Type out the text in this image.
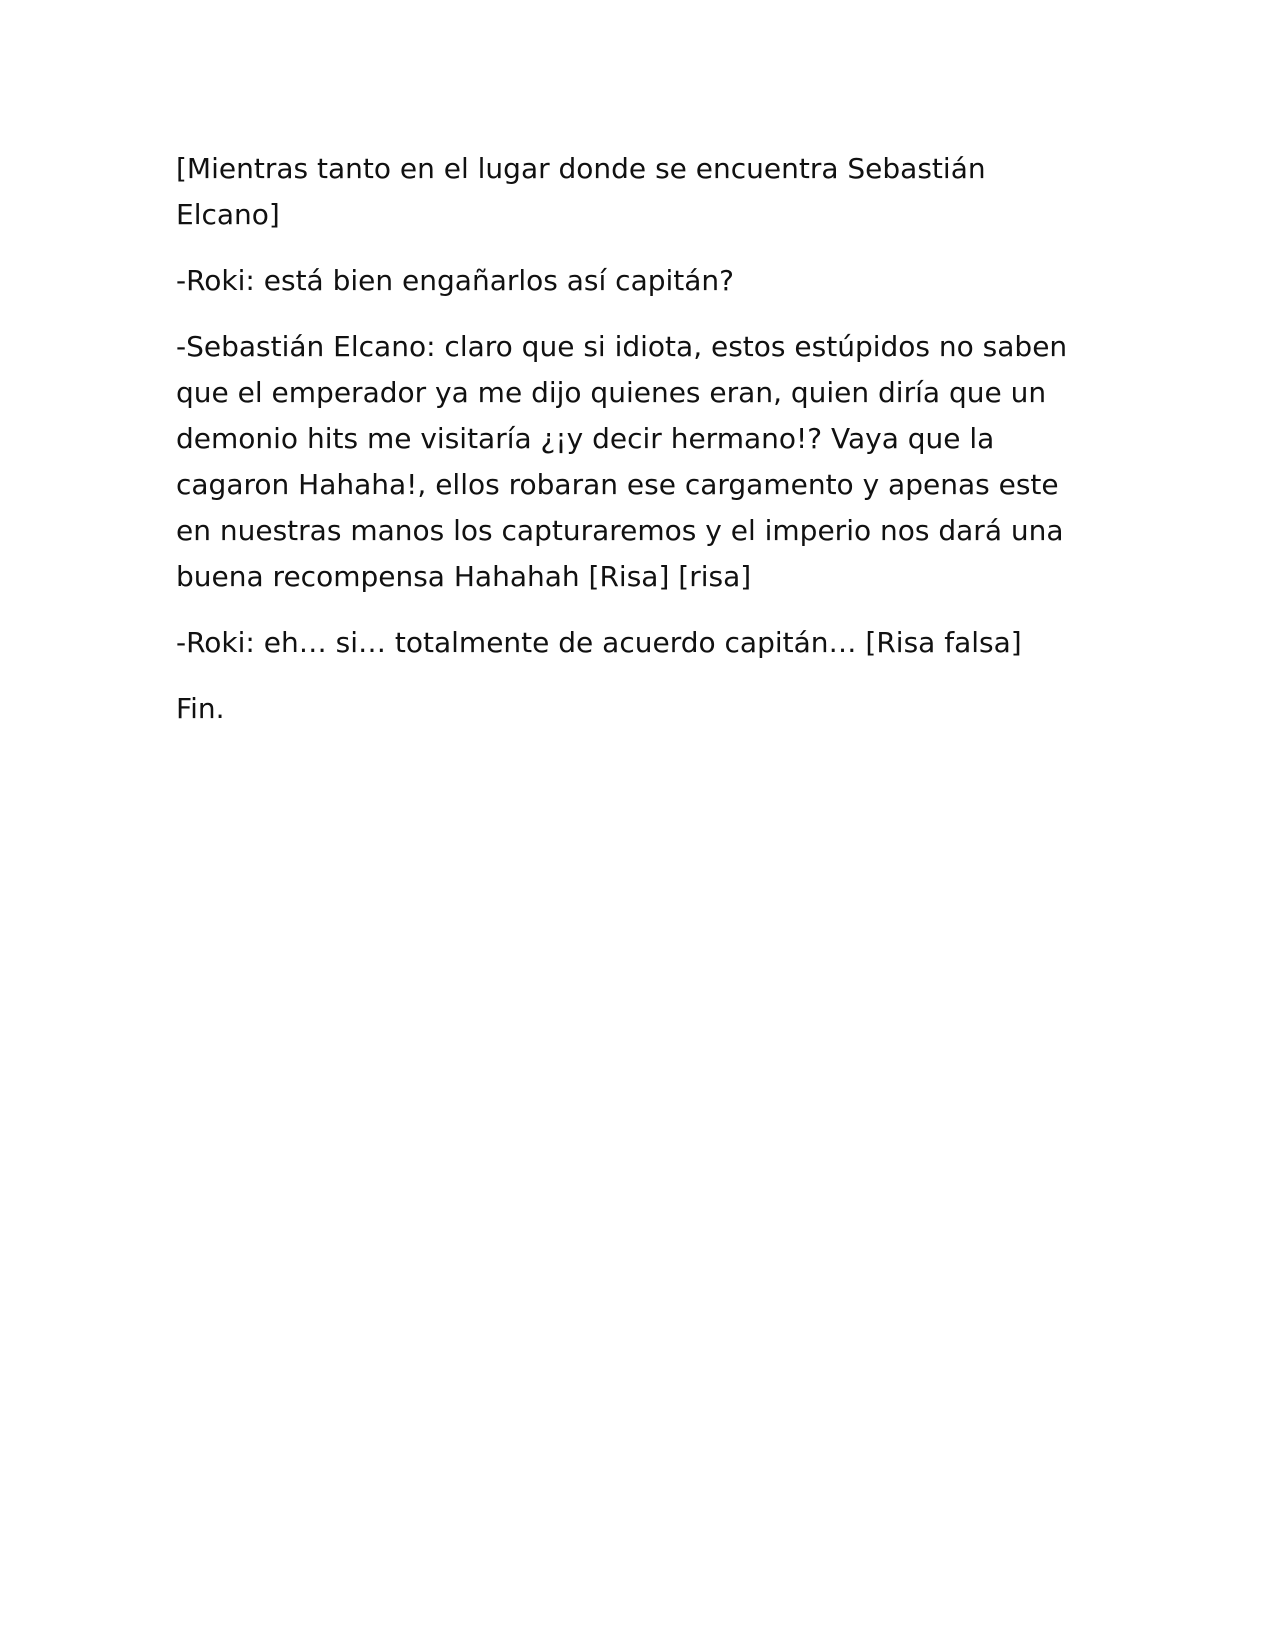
[Mientras tanto en el lugar donde se encuentra Sebastián Elcano]

-Roki: está bien engañarlos así capitán?

-Sebastián Elcano: claro que si idiota, estos estúpidos no saben que el emperador ya me dijo quienes eran, quien diría que un demonio hits me visitaría ¿¡y decir hermano!? Vaya que la cagaron Hahaha!, ellos robaran ese cargamento y apenas este en nuestras manos los capturaremos y el imperio nos dará una buena recompensa Hahahah [Risa] [risa]

-Roki: eh… si… totalmente de acuerdo capitán… [Risa falsa]

Fin.
